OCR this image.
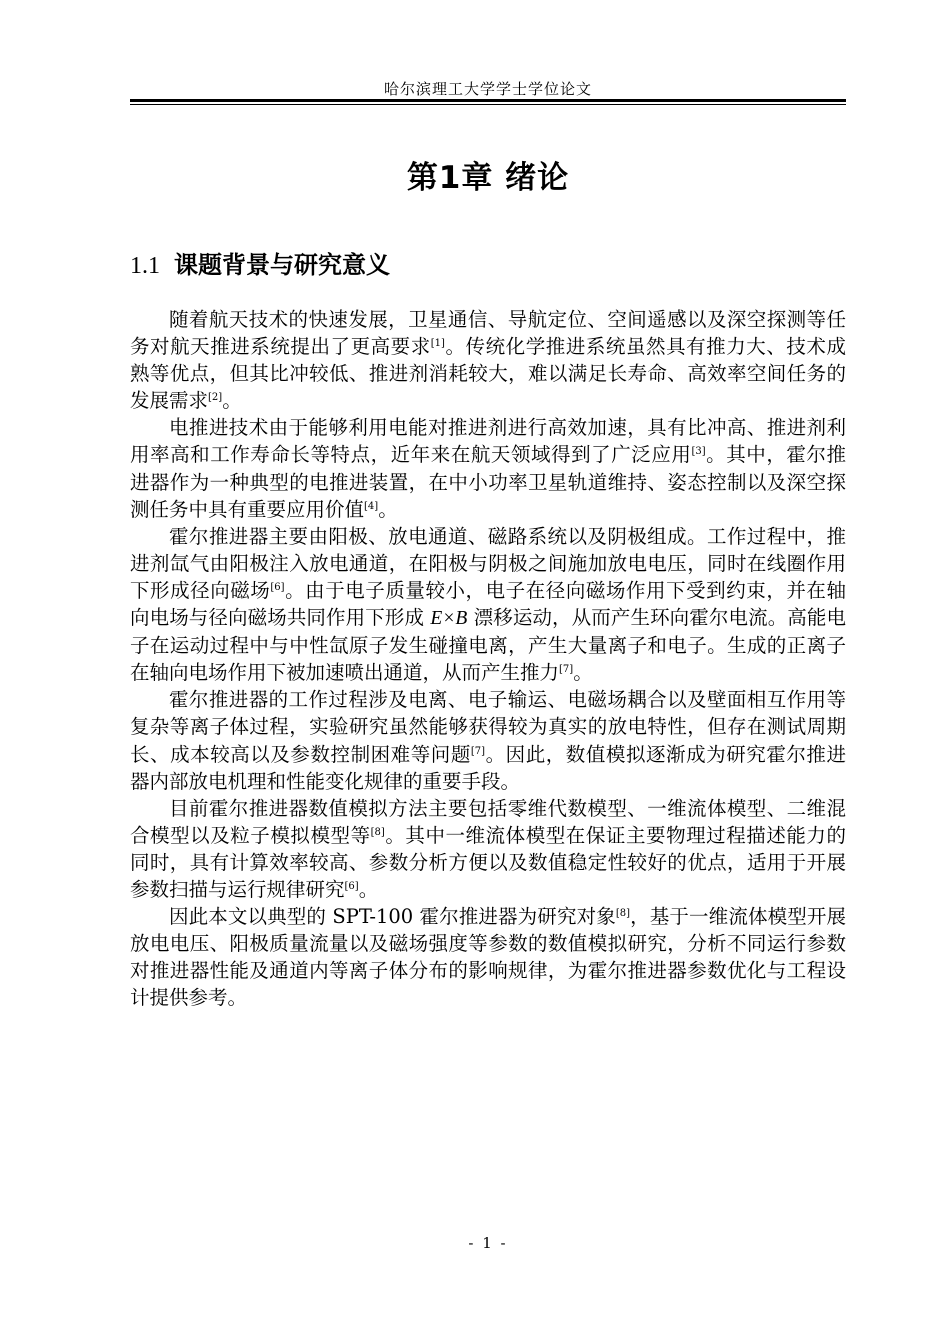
哈尔滨理工大学学士学位论文
第1章 绪论
1.1 课题背景与研究意义

随着航天技术的快速发展，卫星通信、导航定位、空间遥感以及深空探测等任务对航天推进系统提出了更高要求[1]。传统化学推进系统虽然具有推力大、技术成熟等优点，但其比冲较低、推进剂消耗较大，难以满足长寿命、高效率空间任务的发展需求[2]。

电推进技术由于能够利用电能对推进剂进行高效加速，具有比冲高、推进剂利用率高和工作寿命长等特点，近年来在航天领域得到了广泛应用[3]。其中，霍尔推进器作为一种典型的电推进装置，在中小功率卫星轨道维持、姿态控制以及深空探测任务中具有重要应用价值[4]。

霍尔推进器主要由阳极、放电通道、磁路系统以及阴极组成。工作过程中，推进剂氙气由阳极注入放电通道，在阳极与阴极之间施加放电电压，同时在线圈作用下形成径向磁场[6]。由于电子质量较小，电子在径向磁场作用下受到约束，并在轴向电场与径向磁场共同作用下形成 E×B 漂移运动，从而产生环向霍尔电流。高能电子在运动过程中与中性氙原子发生碰撞电离，产生大量离子和电子。生成的正离子在轴向电场作用下被加速喷出通道，从而产生推力[7]。

霍尔推进器的工作过程涉及电离、电子输运、电磁场耦合以及壁面相互作用等复杂等离子体过程，实验研究虽然能够获得较为真实的放电特性，但存在测试周期长、成本较高以及参数控制困难等问题[7]。因此，数值模拟逐渐成为研究霍尔推进器内部放电机理和性能变化规律的重要手段。

目前霍尔推进器数值模拟方法主要包括零维代数模型、一维流体模型、二维混合模型以及粒子模拟模型等[8]。其中一维流体模型在保证主要物理过程描述能力的同时，具有计算效率较高、参数分析方便以及数值稳定性较好的优点，适用于开展参数扫描与运行规律研究[6]。

因此本文以典型的 SPT-100 霍尔推进器为研究对象[8]，基于一维流体模型开展放电电压、阳极质量流量以及磁场强度等参数的数值模拟研究，分析不同运行参数对推进器性能及通道内等离子体分布的影响规律，为霍尔推进器参数优化与工程设计提供参考。

- 1 -
